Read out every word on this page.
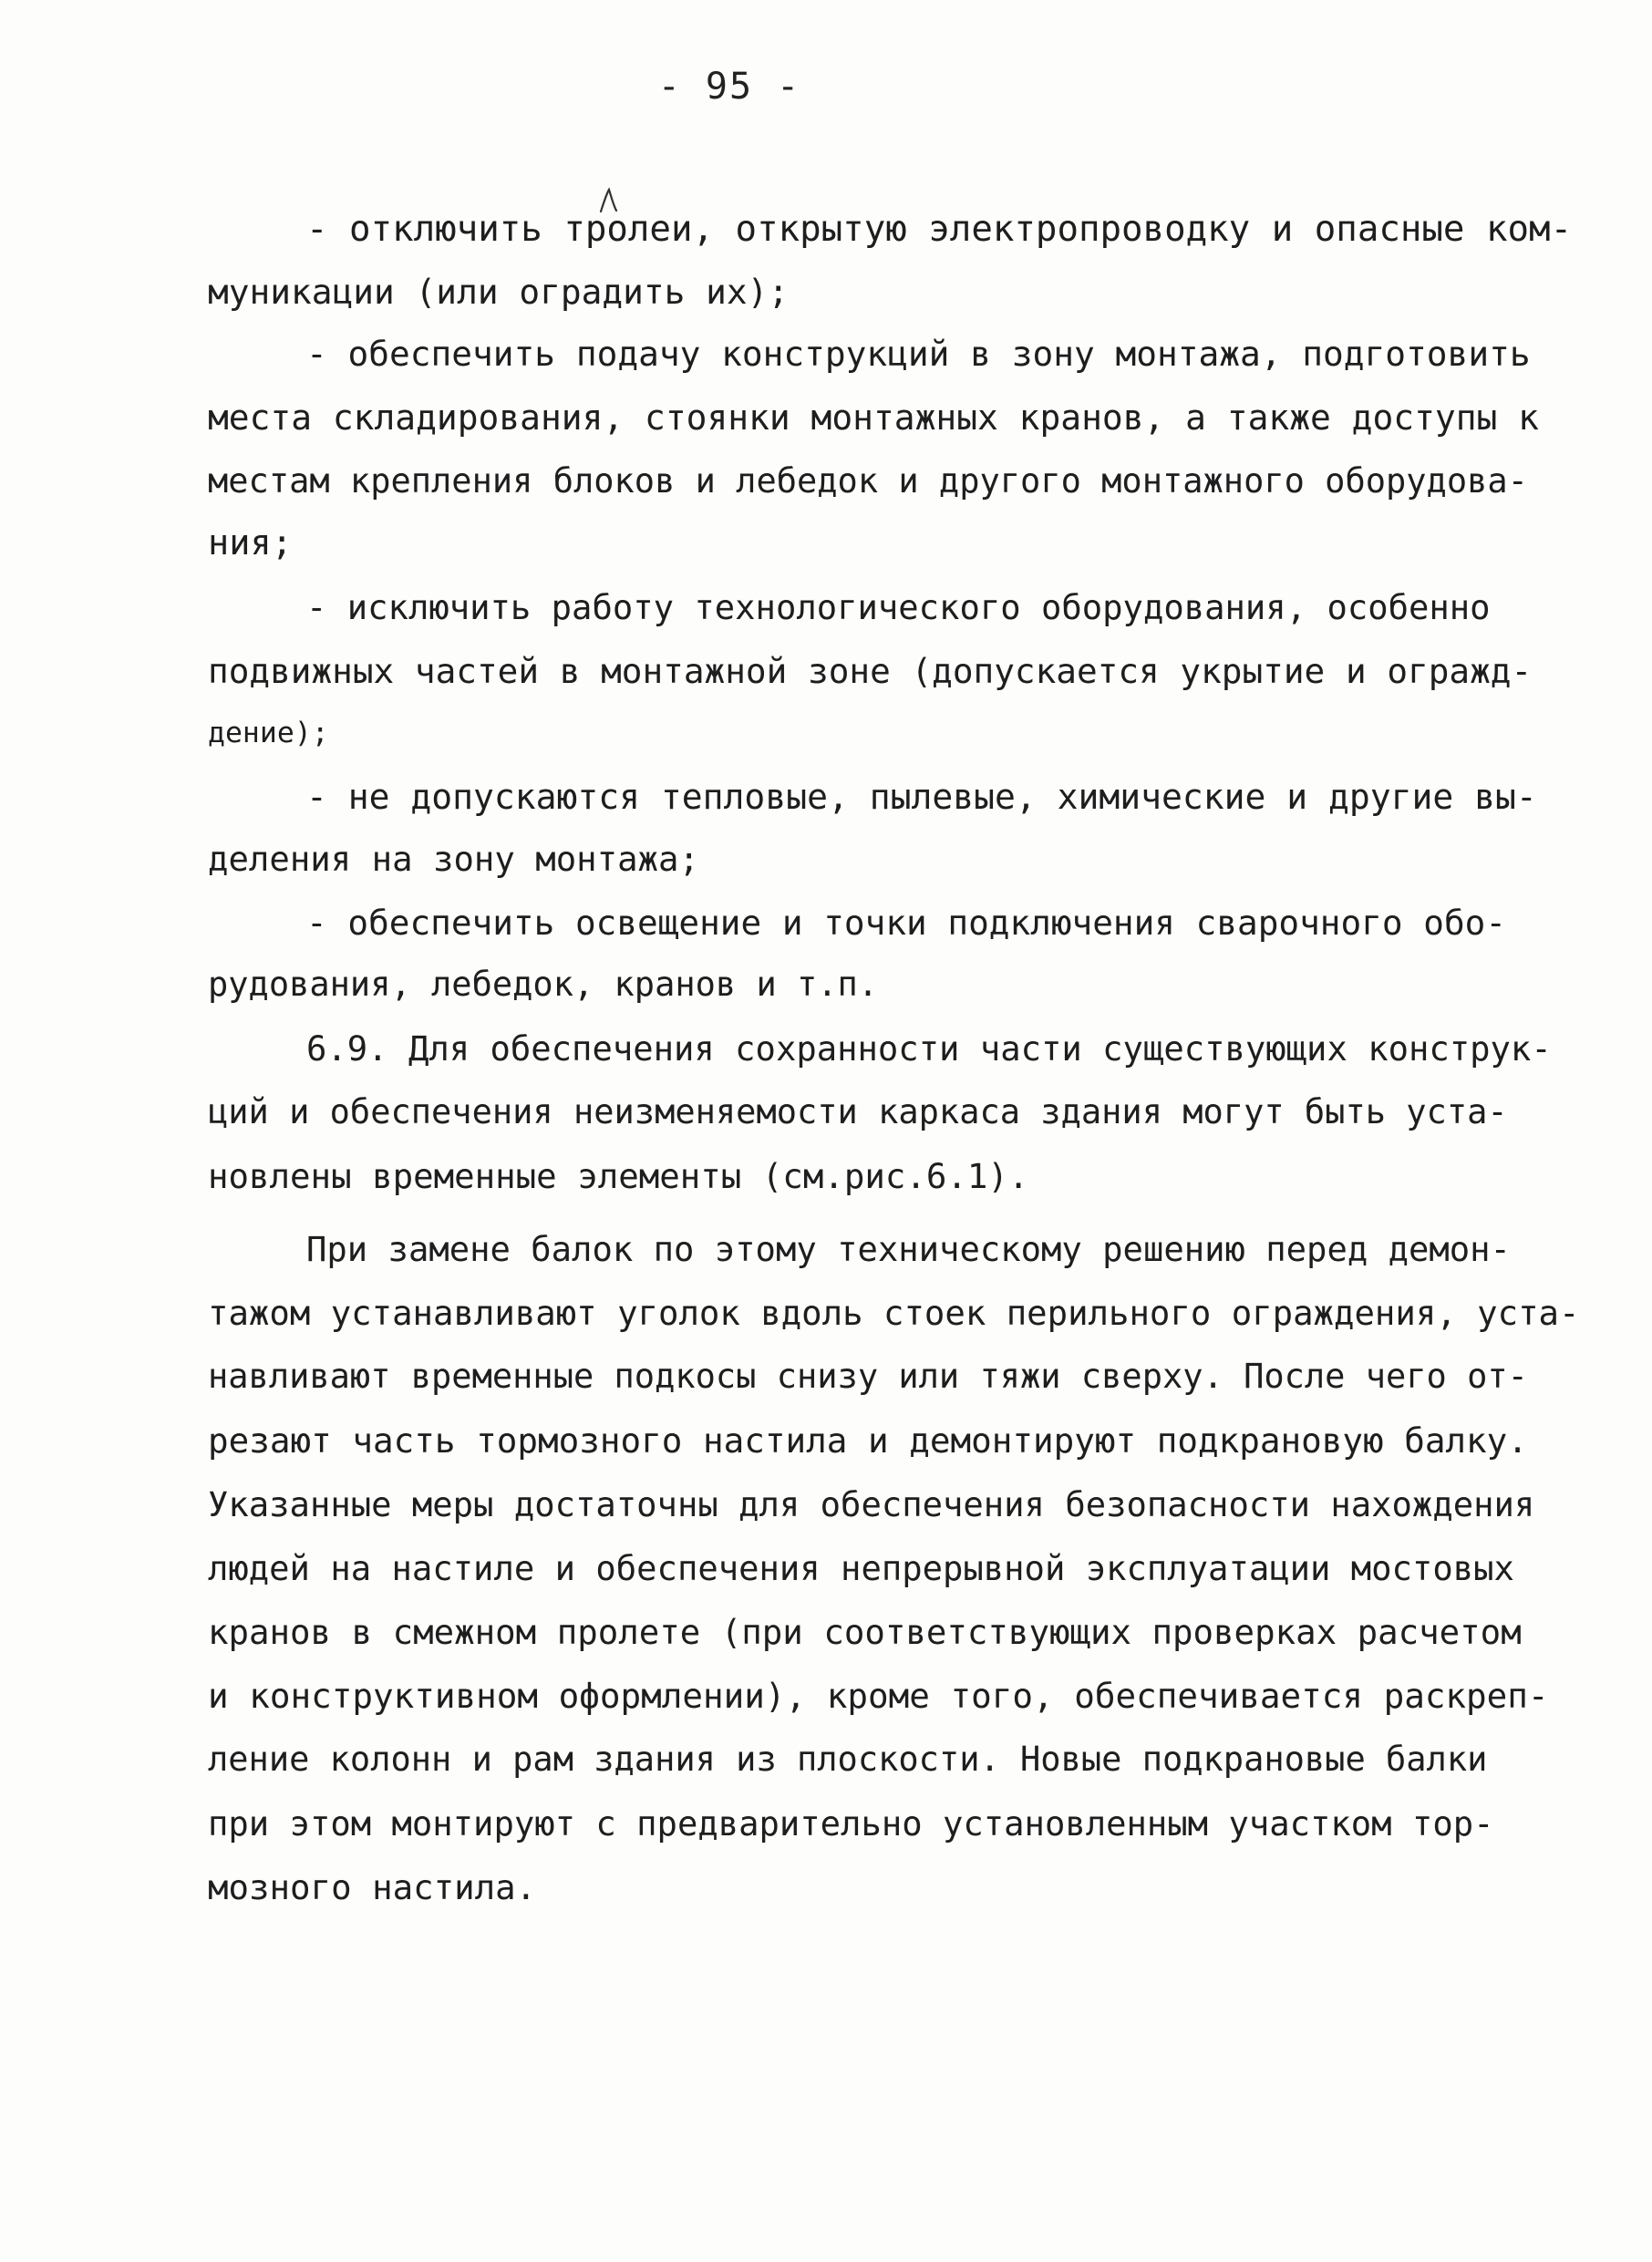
- 95 -
- отключить тролеи, открытую электропроводку и опасные ком-
муникации (или оградить их);
- обеспечить подачу конструкций в зону монтажа, подготовить
места складирования, стоянки монтажных кранов, а также доступы к
местам крепления блоков и лебедок и другого монтажного оборудова-
ния;
- исключить работу технологического оборудования, особенно
подвижных частей в монтажной зоне (допускается укрытие и огражд-
дение);
- не допускаются тепловые, пылевые, химические и другие вы-
деления на зону монтажа;
- обеспечить освещение и точки подключения сварочного обо-
рудования, лебедок, кранов и т.п.
6.9. Для обеспечения сохранности части существующих конструк-
ций и обеспечения неизменяемости каркаса здания могут быть уста-
новлены временные элементы (см.рис.6.1).
При замене балок по этому техническому решению перед демон-
тажом устанавливают уголок вдоль стоек перильного ограждения, уста-
навливают временные подкосы снизу или тяжи сверху. После чего от-
резают часть тормозного настила и демонтируют подкрановую балку.
Указанные меры достаточны для обеспечения безопасности нахождения
людей на настиле и обеспечения непрерывной эксплуатации мостовых
кранов в смежном пролете (при соответствующих проверках расчетом
и конструктивном оформлении), кроме того, обеспечивается раскреп-
ление колонн и рам здания из плоскости. Новые подкрановые балки
при этом монтируют с предварительно установленным участком тор-
мозного настила.
